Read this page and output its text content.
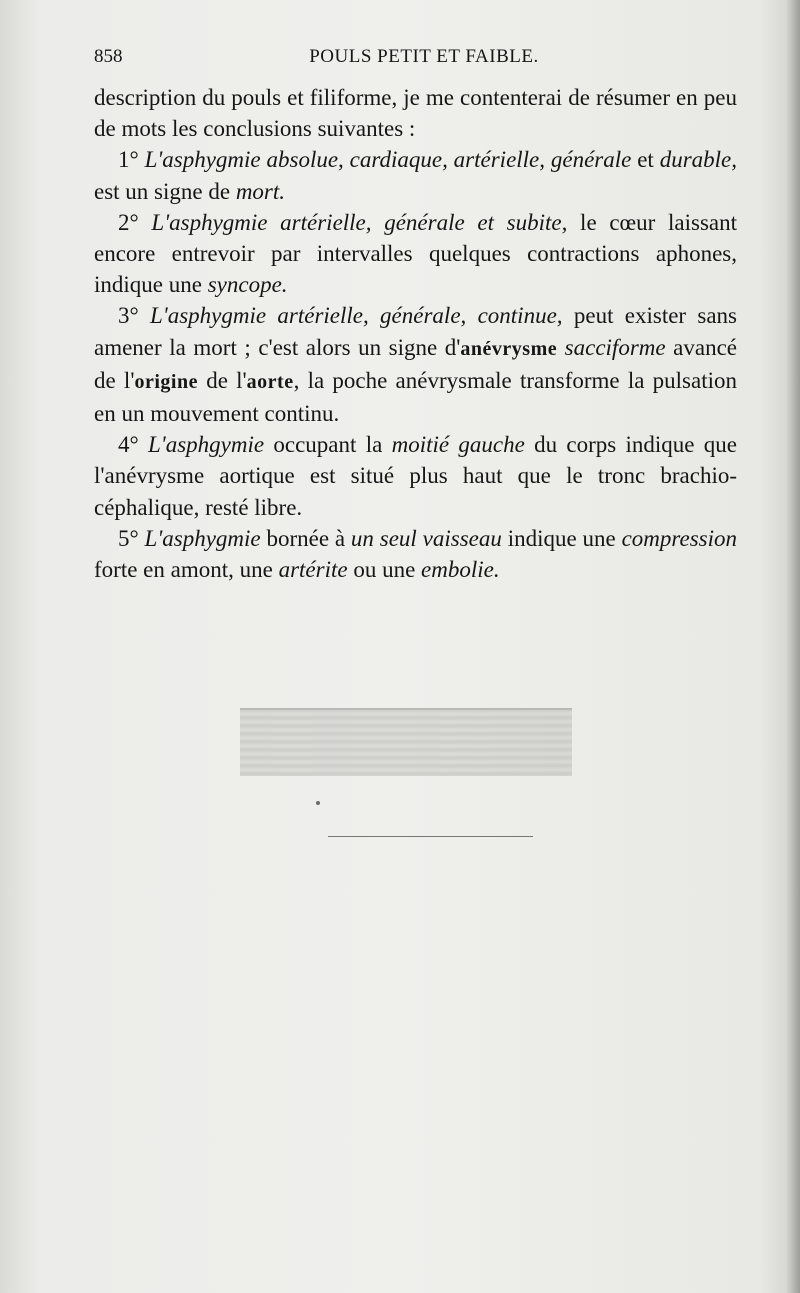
858	POULS PETIT ET FAIBLE.

description du pouls et filiforme, je me contenterai de résumer en peu de mots les conclusions suivantes :

1° L'asphygmie absolue, cardiaque, artérielle, générale et durable, est un signe de mort.

2° L'asphygmie artérielle, générale et subite, le cœur laissant encore entrevoir par intervalles quelques contractions aphones, indique une syncope.

3° L'asphygmie artérielle, générale, continue, peut exister sans amener la mort ; c'est alors un signe d'anévrysme sacciforme avancé de l'origine de l'aorte, la poche anévrysmale transforme la pulsation en un mouvement continu.

4° L'asphgymie occupant la moitié gauche du corps indique que l'anévrysme aortique est situé plus haut que le tronc brachio-céphalique, resté libre.

5° L'asphygmie bornée à un seul vaisseau indique une compression forte en amont, une artérite ou une embolie.
